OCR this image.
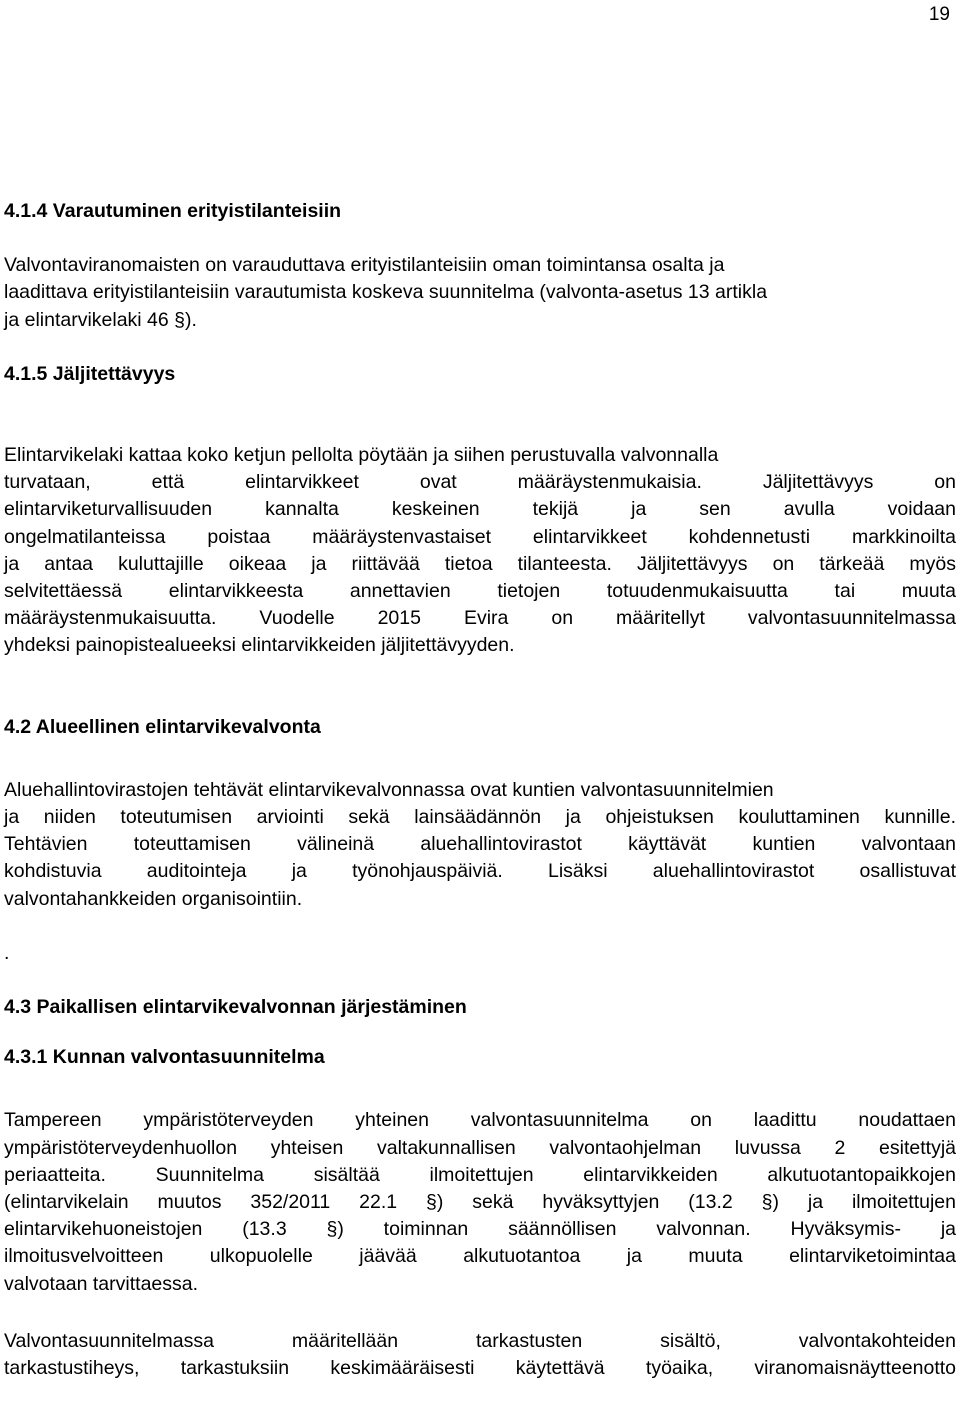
19
4.1.4 Varautuminen erityistilanteisiin

Valvontaviranomaisten on varauduttava erityistilanteisiin oman toimintansa osalta ja
laadittava erityistilanteisiin varautumista koskeva suunnitelma (valvonta-asetus 13 artikla
ja elintarvikelaki 46 §).

4.1.5 Jäljitettävyys

Elintarvikelaki kattaa koko ketjun pellolta pöytään ja siihen perustuvalla valvonnalla
turvataan, että elintarvikkeet ovat määräystenmukaisia. Jäljitettävyys on
elintarviketurvallisuuden kannalta keskeinen tekijä ja sen avulla voidaan
ongelmatilanteissa poistaa määräystenvastaiset elintarvikkeet kohdennetusti markkinoilta
ja antaa kuluttajille oikeaa ja riittävää tietoa tilanteesta. Jäljitettävyys on tärkeää myös
selvitettäessä elintarvikkeesta annettavien tietojen totuudenmukaisuutta tai muuta
määräystenmukaisuutta. Vuodelle 2015 Evira on määritellyt valvontasuunnitelmassa
yhdeksi painopistealueeksi elintarvikkeiden jäljitettävyyden.

4.2 Alueellinen elintarvikevalvonta

Aluehallintovirastojen tehtävät elintarvikevalvonnassa ovat kuntien valvontasuunnitelmien
ja niiden toteutumisen arviointi sekä lainsäädännön ja ohjeistuksen kouluttaminen kunnille.
Tehtävien toteuttamisen välineinä aluehallintovirastot käyttävät kuntien valvontaan
kohdistuvia auditointeja ja työnohjauspäiviä. Lisäksi aluehallintovirastot osallistuvat
valvontahankkeiden organisointiin.

.

4.3 Paikallisen elintarvikevalvonnan järjestäminen
4.3.1 Kunnan valvontasuunnitelma

Tampereen ympäristöterveyden yhteinen valvontasuunnitelma on laadittu noudattaen
ympäristöterveydenhuollon yhteisen valtakunnallisen valvontaohjelman luvussa 2 esitettyjä
periaatteita. Suunnitelma sisältää ilmoitettujen elintarvikkeiden alkutuotantopaikkojen
(elintarvikelain muutos 352/2011 22.1 §) sekä hyväksyttyjen (13.2 §) ja ilmoitettujen
elintarvikehuoneistojen (13.3 §) toiminnan säännöllisen valvonnan. Hyväksymis- ja
ilmoitusvelvoitteen ulkopuolelle jäävää alkutuotantoa ja muuta elintarviketoimintaa
valvotaan tarvittaessa.

Valvontasuunnitelmassa määritellään tarkastusten sisältö, valvontakohteiden
tarkastustiheys, tarkastuksiin keskimääräisesti käytettävä työaika, viranomaisnäytteenotto
